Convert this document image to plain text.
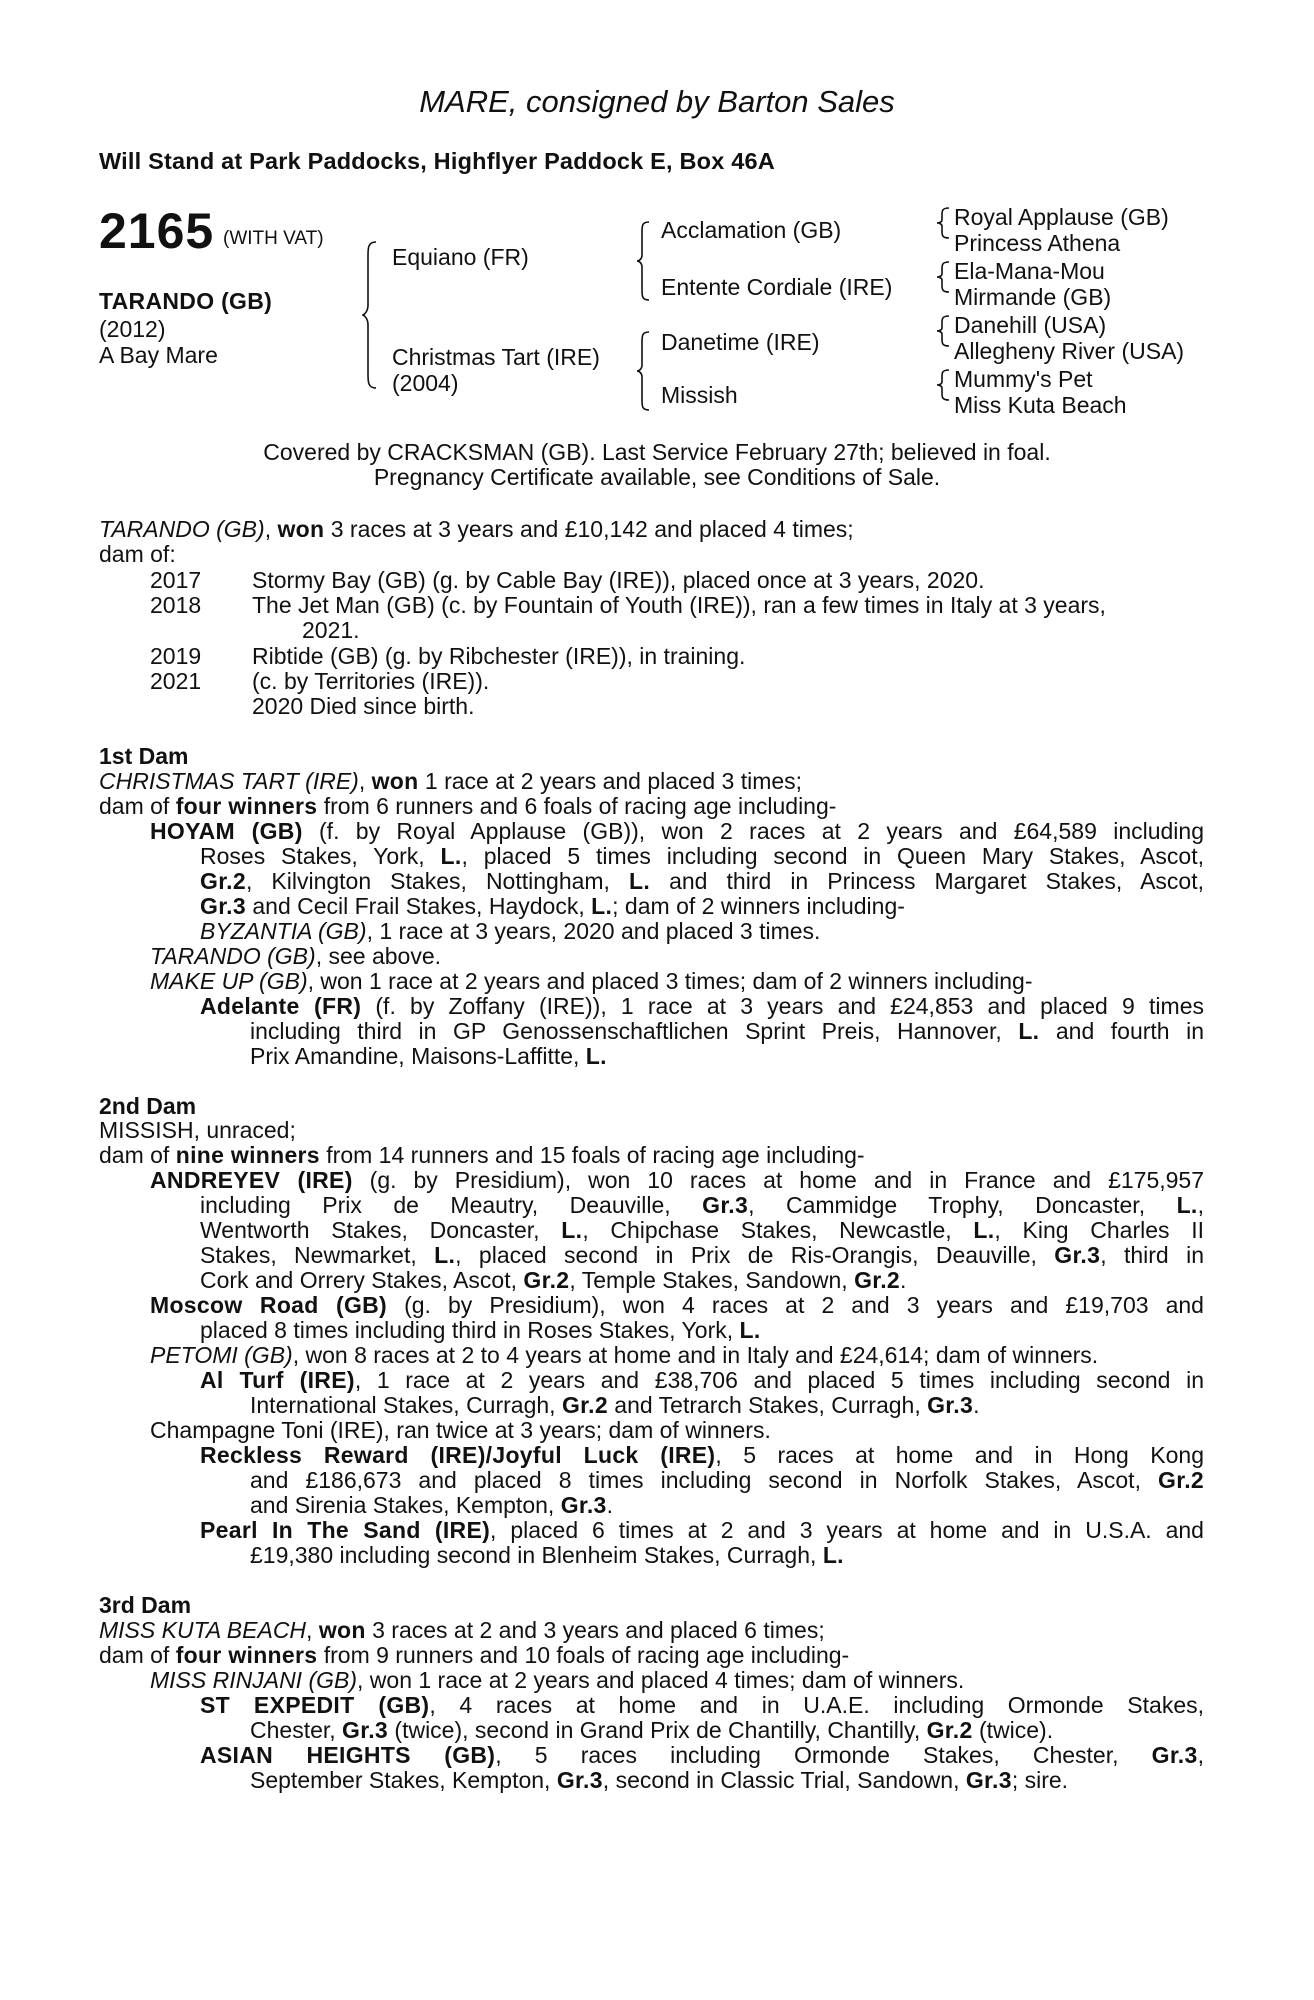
MARE, consigned by Barton Sales
Will Stand at Park Paddocks, Highflyer Paddock E, Box 46A
2165 (WITH VAT)
TARANDO (GB)
(2012)
A Bay Mare
Equiano (FR)
Christmas Tart (IRE)
(2004)
Acclamation (GB)
Entente Cordiale (IRE)
Danetime (IRE)
Missish
Royal Applause (GB)
Princess Athena
Ela-Mana-Mou
Mirmande (GB)
Danehill (USA)
Allegheny River (USA)
Mummy's Pet
Miss Kuta Beach
Covered by CRACKSMAN (GB). Last Service February 27th; believed in foal.
Pregnancy Certificate available, see Conditions of Sale.
TARANDO (GB), won 3 races at 3 years and £10,142 and placed 4 times;
dam of:
2017 Stormy Bay (GB) (g. by Cable Bay (IRE)), placed once at 3 years, 2020.
2018 The Jet Man (GB) (c. by Fountain of Youth (IRE)), ran a few times in Italy at 3 years,
2021.
2019 Ribtide (GB) (g. by Ribchester (IRE)), in training.
2021 (c. by Territories (IRE)).
2020 Died since birth.
1st Dam
CHRISTMAS TART (IRE), won 1 race at 2 years and placed 3 times;
dam of four winners from 6 runners and 6 foals of racing age including-
HOYAM (GB) (f. by Royal Applause (GB)), won 2 races at 2 years and £64,589 including
Roses Stakes, York, L., placed 5 times including second in Queen Mary Stakes, Ascot,
Gr.2, Kilvington Stakes, Nottingham, L. and third in Princess Margaret Stakes, Ascot,
Gr.3 and Cecil Frail Stakes, Haydock, L.; dam of 2 winners including-
BYZANTIA (GB), 1 race at 3 years, 2020 and placed 3 times.
TARANDO (GB), see above.
MAKE UP (GB), won 1 race at 2 years and placed 3 times; dam of 2 winners including-
Adelante (FR) (f. by Zoffany (IRE)), 1 race at 3 years and £24,853 and placed 9 times
including third in GP Genossenschaftlichen Sprint Preis, Hannover, L. and fourth in
Prix Amandine, Maisons-Laffitte, L.
2nd Dam
MISSISH, unraced;
dam of nine winners from 14 runners and 15 foals of racing age including-
ANDREYEV (IRE) (g. by Presidium), won 10 races at home and in France and £175,957
including Prix de Meautry, Deauville, Gr.3, Cammidge Trophy, Doncaster, L.,
Wentworth Stakes, Doncaster, L., Chipchase Stakes, Newcastle, L., King Charles II
Stakes, Newmarket, L., placed second in Prix de Ris-Orangis, Deauville, Gr.3, third in
Cork and Orrery Stakes, Ascot, Gr.2, Temple Stakes, Sandown, Gr.2.
Moscow Road (GB) (g. by Presidium), won 4 races at 2 and 3 years and £19,703 and
placed 8 times including third in Roses Stakes, York, L.
PETOMI (GB), won 8 races at 2 to 4 years at home and in Italy and £24,614; dam of winners.
Al Turf (IRE), 1 race at 2 years and £38,706 and placed 5 times including second in
International Stakes, Curragh, Gr.2 and Tetrarch Stakes, Curragh, Gr.3.
Champagne Toni (IRE), ran twice at 3 years; dam of winners.
Reckless Reward (IRE)/Joyful Luck (IRE), 5 races at home and in Hong Kong
and £186,673 and placed 8 times including second in Norfolk Stakes, Ascot, Gr.2
and Sirenia Stakes, Kempton, Gr.3.
Pearl In The Sand (IRE), placed 6 times at 2 and 3 years at home and in U.S.A. and
£19,380 including second in Blenheim Stakes, Curragh, L.
3rd Dam
MISS KUTA BEACH, won 3 races at 2 and 3 years and placed 6 times;
dam of four winners from 9 runners and 10 foals of racing age including-
MISS RINJANI (GB), won 1 race at 2 years and placed 4 times; dam of winners.
ST EXPEDIT (GB), 4 races at home and in U.A.E. including Ormonde Stakes,
Chester, Gr.3 (twice), second in Grand Prix de Chantilly, Chantilly, Gr.2 (twice).
ASIAN HEIGHTS (GB), 5 races including Ormonde Stakes, Chester, Gr.3,
September Stakes, Kempton, Gr.3, second in Classic Trial, Sandown, Gr.3; sire.
